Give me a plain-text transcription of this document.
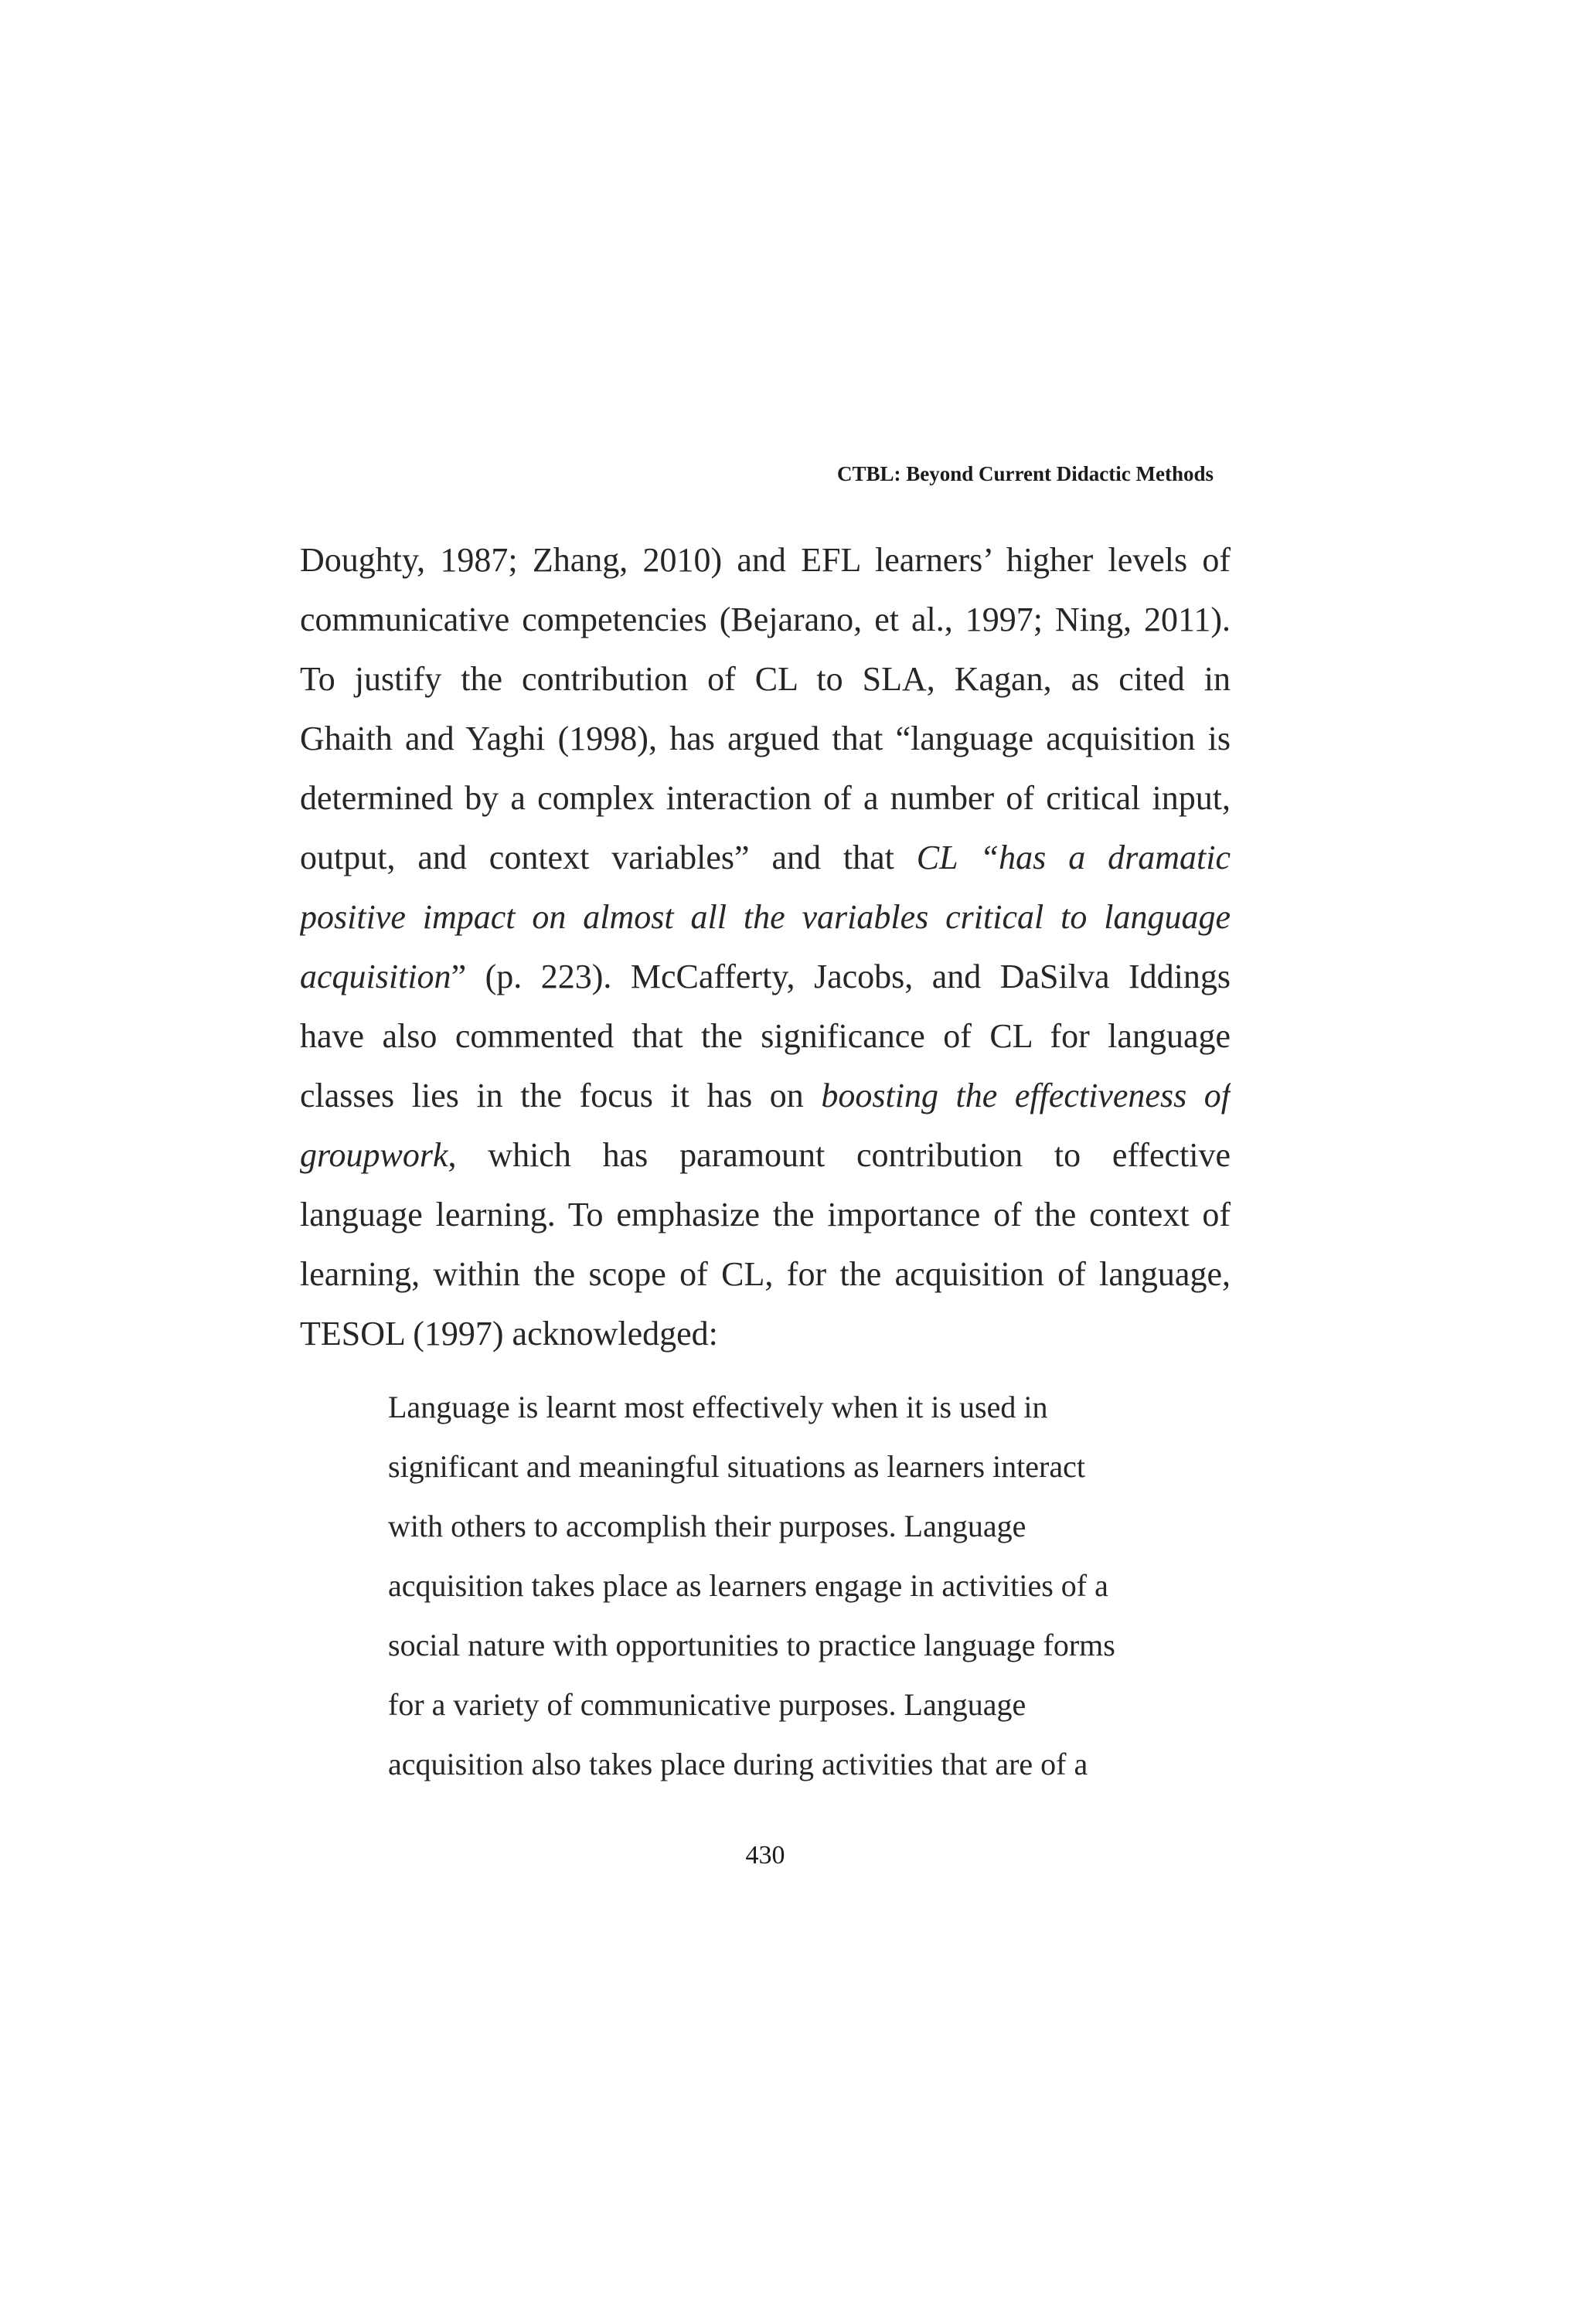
CTBL: Beyond Current Didactic Methods
Doughty, 1987; Zhang, 2010) and EFL learners’ higher levels of
communicative competencies (Bejarano, et al., 1997; Ning, 2011).
To justify the contribution of CL to SLA, Kagan, as cited in
Ghaith and Yaghi (1998), has argued that “language acquisition is
determined by a complex interaction of a number of critical input,
output, and context variables” and that CL “has a dramatic
positive impact on almost all the variables critical to language
acquisition” (p. 223). McCafferty, Jacobs, and DaSilva Iddings
have also commented that the significance of CL for language
classes lies in the focus it has on boosting the effectiveness of
groupwork, which has paramount contribution to effective
language learning. To emphasize the importance of the context of
learning, within the scope of CL, for the acquisition of language,
TESOL (1997) acknowledged:
Language is learnt most effectively when it is used in
significant and meaningful situations as learners interact
with others to accomplish their purposes. Language
acquisition takes place as learners engage in activities of a
social nature with opportunities to practice language forms
for a variety of communicative purposes. Language
acquisition also takes place during activities that are of a
430
